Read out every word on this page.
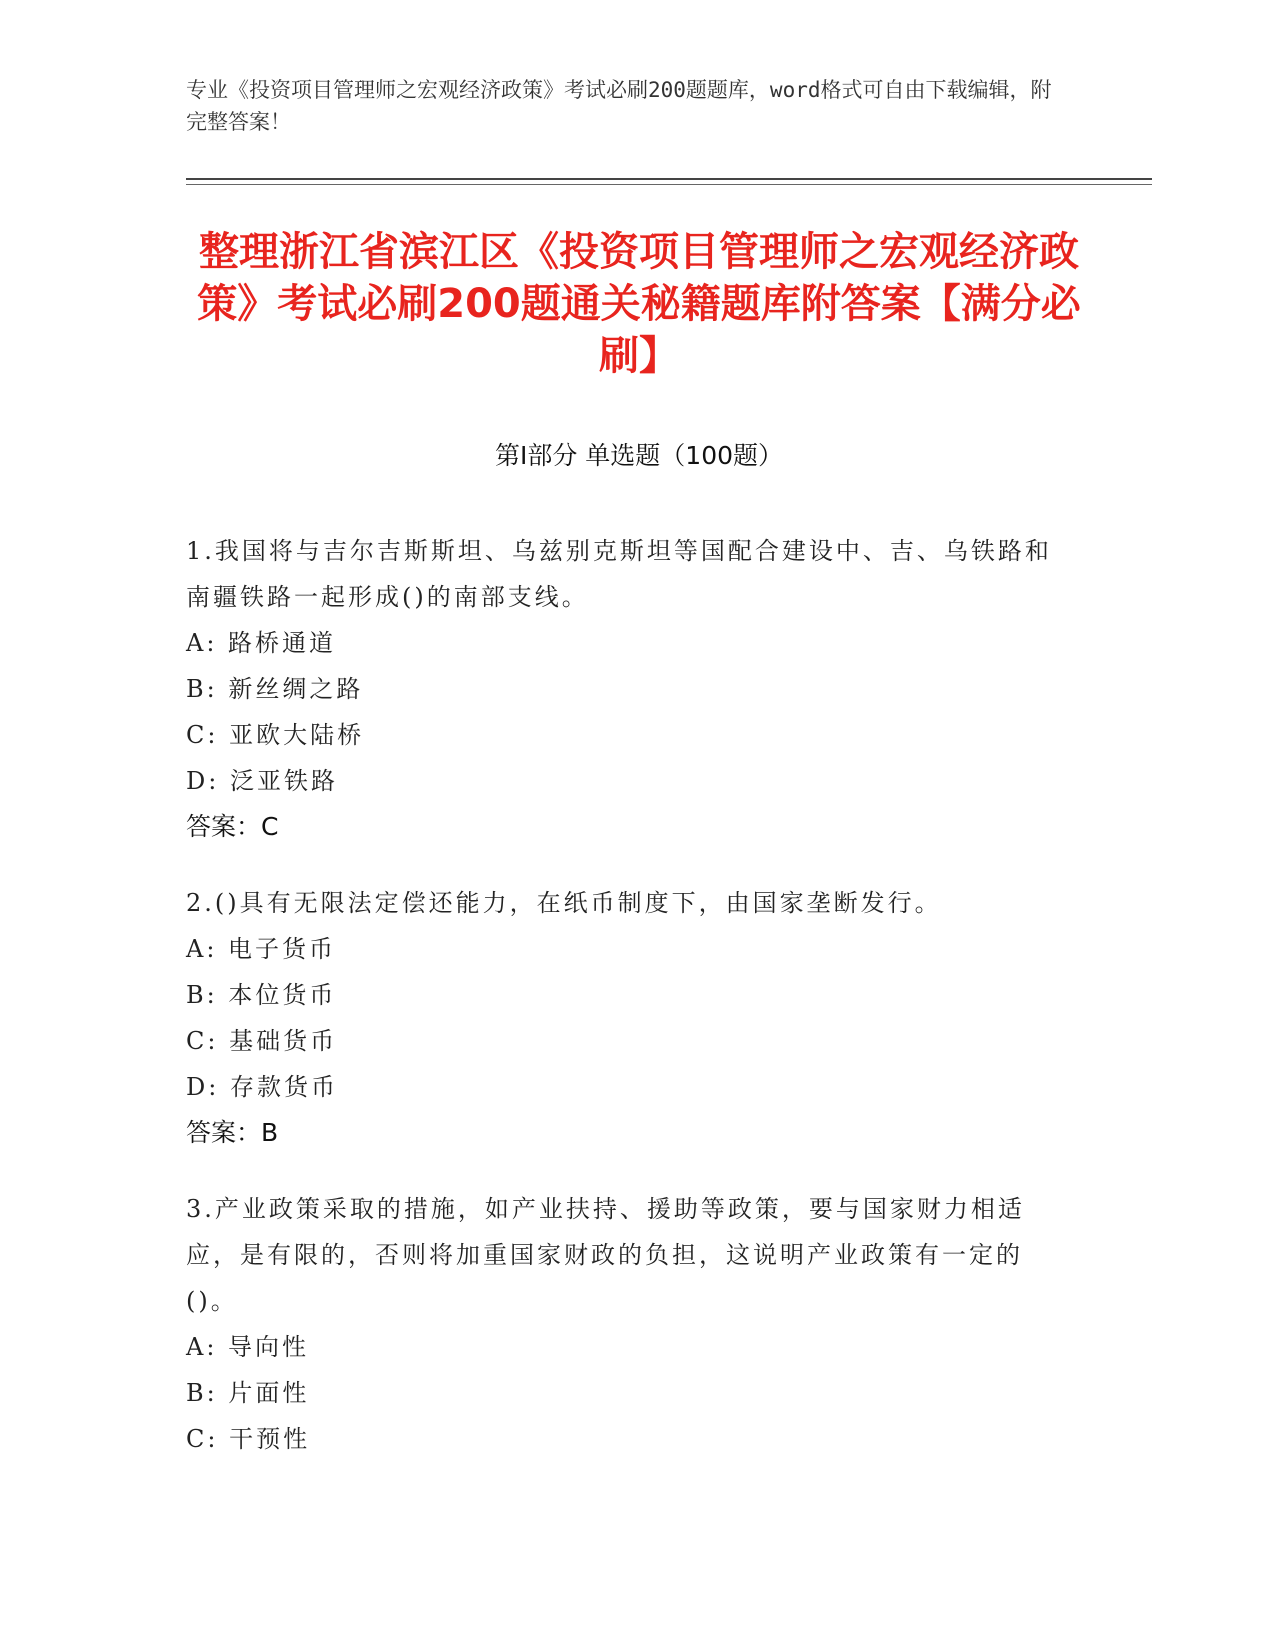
专业《投资项目管理师之宏观经济政策》考试必刷200题题库，word格式可自由下载编辑，附完整答案！
整理浙江省滨江区《投资项目管理师之宏观经济政策》考试必刷200题通关秘籍题库附答案【满分必刷】
第Ⅰ部分 单选题（100题）

1.我国将与吉尔吉斯斯坦、乌兹别克斯坦等国配合建设中、吉、乌铁路和南疆铁路一起形成()的南部支线。

A: 路桥通道
B: 新丝绸之路
C: 亚欧大陆桥
D: 泛亚铁路
答案：C

2.()具有无限法定偿还能力，在纸币制度下，由国家垄断发行。

A: 电子货币
B: 本位货币
C: 基础货币
D: 存款货币
答案：B

3.产业政策采取的措施，如产业扶持、援助等政策，要与国家财力相适应，是有限的，否则将加重国家财政的负担，这说明产业政策有一定的()。

A: 导向性
B: 片面性
C: 干预性
